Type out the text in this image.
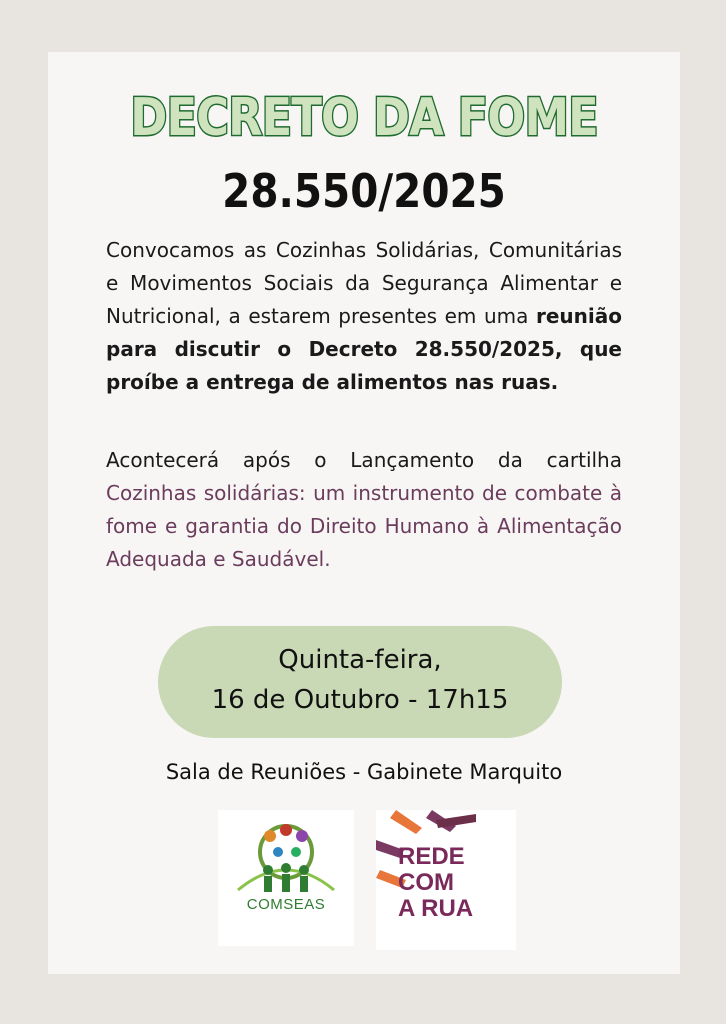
DECRETO DA FOME
28.550/2025
Convocamos as Cozinhas Solidárias, Comunitárias e Movimentos Sociais da Segurança Alimentar e Nutricional, a estarem presentes em uma reunião para discutir o Decreto 28.550/2025, que proíbe a entrega de alimentos nas ruas.
Acontecerá após o Lançamento da cartilha Cozinhas solidárias: um instrumento de combate à fome e garantia do Direito Humano à Alimentação Adequada e Saudável.
Quinta-feira,
16 de Outubro - 17h15
Sala de Reuniões - Gabinete Marquito
COMSEAS
REDE
COM
A RUA
